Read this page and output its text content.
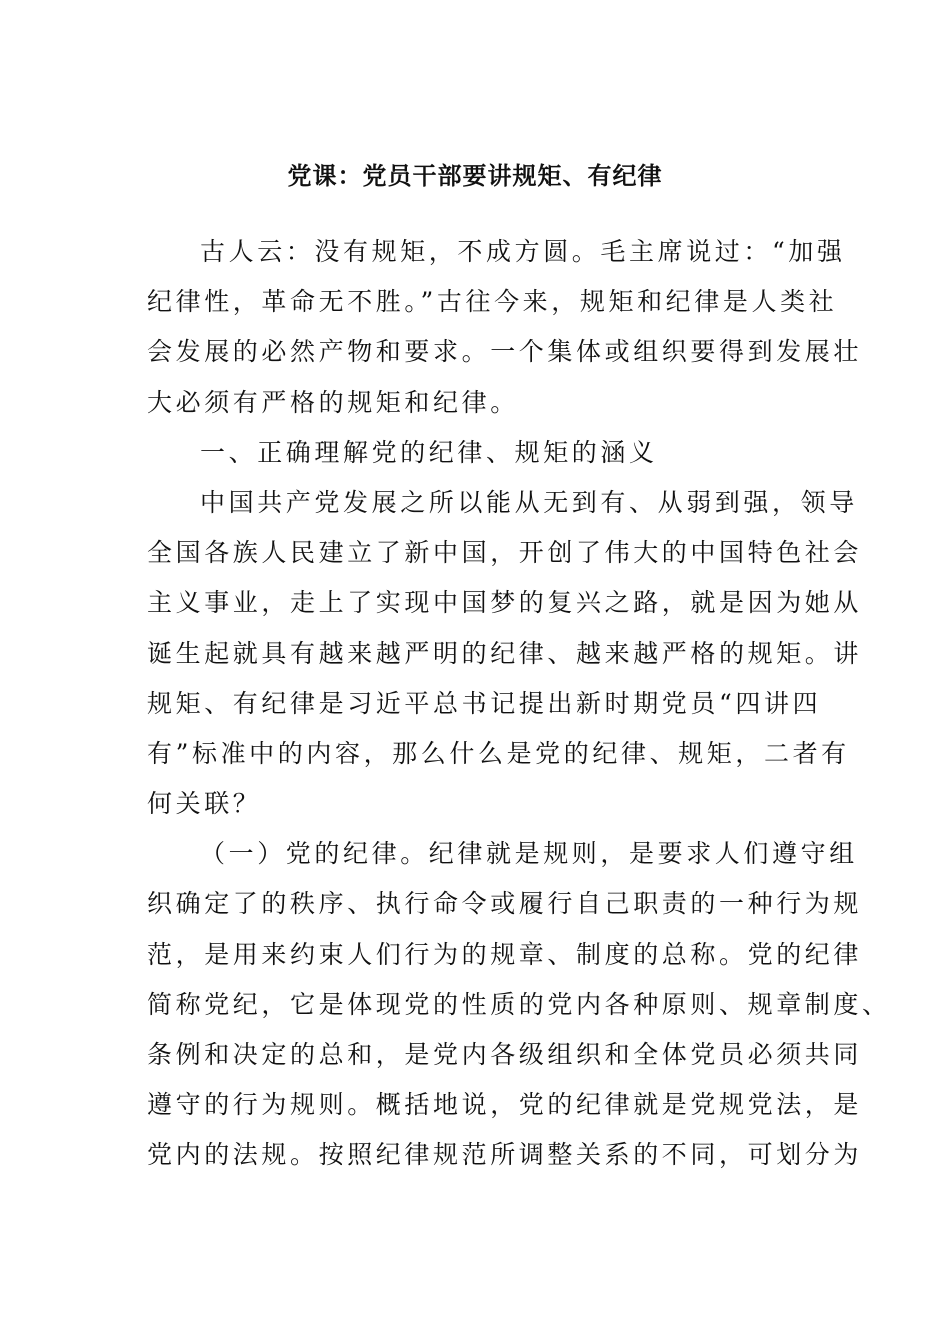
党课：党员干部要讲规矩、有纪律
古人云：没有规矩，不成方圆。毛主席说过：“加强
纪律性，革命无不胜。”古往今来，规矩和纪律是人类社
会发展的必然产物和要求。一个集体或组织要得到发展壮
大必须有严格的规矩和纪律。
一、正确理解党的纪律、规矩的涵义
中国共产党发展之所以能从无到有、从弱到强，领导
全国各族人民建立了新中国，开创了伟大的中国特色社会
主义事业，走上了实现中国梦的复兴之路，就是因为她从
诞生起就具有越来越严明的纪律、越来越严格的规矩。讲
规矩、有纪律是习近平总书记提出新时期党员“四讲四
有”标准中的内容，那么什么是党的纪律、规矩，二者有
何关联？
（一）党的纪律。纪律就是规则，是要求人们遵守组
织确定了的秩序、执行命令或履行自己职责的一种行为规
范，是用来约束人们行为的规章、制度的总称。党的纪律
简称党纪，它是体现党的性质的党内各种原则、规章制度、
条例和决定的总和，是党内各级组织和全体党员必须共同
遵守的行为规则。概括地说，党的纪律就是党规党法，是
党内的法规。按照纪律规范所调整关系的不同，可划分为
